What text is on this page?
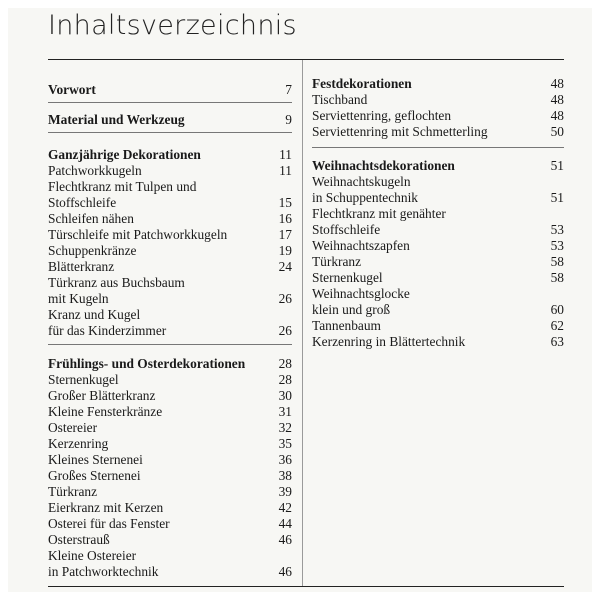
Inhaltsverzeichnis
Vorwort	7
Material und Werkzeug	9
Ganzjährige Dekorationen	11
Patchworkkugeln	11
Flechtkranz mit Tulpen und
Stoffschleife	15
Schleifen nähen	16
Türschleife mit Patchworkkugeln	17
Schuppenkränze	19
Blätterkranz	24
Türkranz aus Buchsbaum
mit Kugeln	26
Kranz und Kugel
für das Kinderzimmer	26
Frühlings- und Osterdekorationen 28
Sternenkugel	28
Großer Blätterkranz	30
Kleine Fensterkränze	31
Ostereier	32
Kerzenring	35
Kleines Sternenei	36
Großes Sternenei	38
Türkranz	39
Eierkranz mit Kerzen	42
Osterei für das Fenster	44
Osterstrauß	46
Kleine Ostereier
in Patchworktechnik	46
Festdekorationen	48
Tischband	48
Serviettenring, geflochten	48
Serviettenring mit Schmetterling	50
Weihnachtsdekorationen	51
Weihnachtskugeln
in Schuppentechnik	51
Flechtkranz mit genähter
Stoffschleife	53
Weihnachtszapfen	53
Türkranz	58
Sternenkugel	58
Weihnachtsglocke
klein und groß	60
Tannenbaum	62
Kerzenring in Blättertechnik	63
